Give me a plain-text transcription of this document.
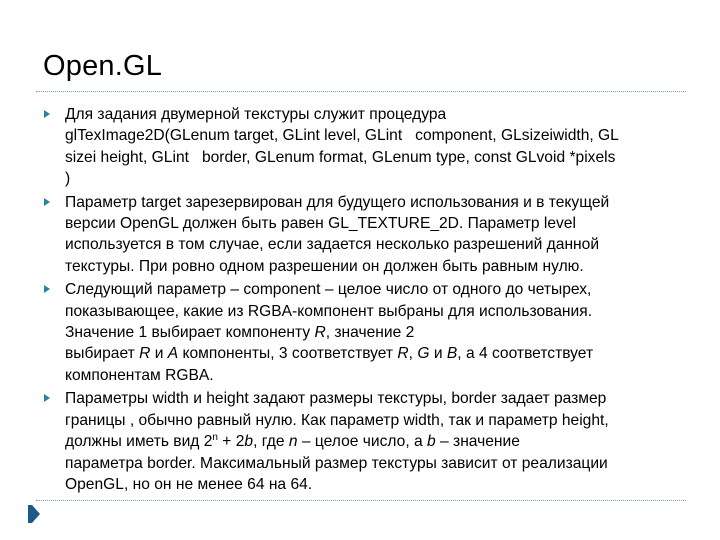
Open.GL
Для задания двумерной текстуры служит процедура
glTexImage2D(GLenum target, GLint level, GLint   component, GLsizeiwidth, GL
sizei height, GLint   border, GLenum format, GLenum type, const GLvoid *pixels
)
Параметр target зарезервирован для будущего использования и в текущей
версии OpenGL должен быть равен GL_TEXTURE_2D. Параметр level
используется в том случае, если задается несколько разрешений данной
текстуры. При ровно одном разрешении он должен быть равным нулю.
Следующий параметр – component – целое число от одного до четырех,
показывающее, какие из RGBA-компонент выбраны для использования.
Значение 1 выбирает компоненту R, значение 2
выбирает R и A компоненты, 3 соответствует R, G и B, а 4 соответствует
компонентам RGBA.
Параметры width и height задают размеры текстуры, border задает размер
границы , обычно равный нулю. Как параметр width, так и параметр height,
должны иметь вид $2^n + 2b$, где n – целое число, а b – значение
параметра border. Максимальный размер текстуры зависит от реализации
OpenGL, но он не менее 64 на 64.
